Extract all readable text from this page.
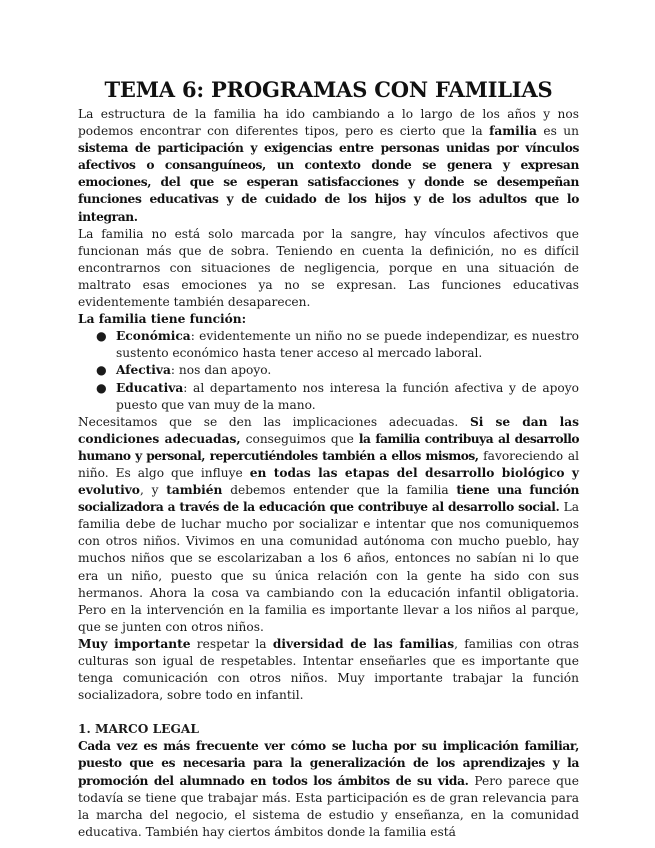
TEMA 6: PROGRAMAS CON FAMILIAS

La estructura de la familia ha ido cambiando a lo largo de los años y nos podemos encontrar con diferentes tipos, pero es cierto que la familia es un sistema de participación y exigencias entre personas unidas por vínculos afectivos o consanguíneos, un contexto donde se genera y expresan emociones, del que se esperan satisfacciones y donde se desempeñan funciones educativas y de cuidado de los hijos y de los adultos que lo integran.

La familia no está solo marcada por la sangre, hay vínculos afectivos que funcionan más que de sobra. Teniendo en cuenta la definición, no es difícil encontrarnos con situaciones de negligencia, porque en una situación de maltrato esas emociones ya no se expresan. Las funciones educativas evidentemente también desaparecen.

La familia tiene función:

● Económica: evidentemente un niño no se puede independizar, es nuestro sustento económico hasta tener acceso al mercado laboral.
● Afectiva: nos dan apoyo.
● Educativa: al departamento nos interesa la función afectiva y de apoyo puesto que van muy de la mano.

Necesitamos que se den las implicaciones adecuadas. Si se dan las condiciones adecuadas, conseguimos que la familia contribuya al desarrollo humano y personal, repercutiéndoles también a ellos mismos, favoreciendo al niño. Es algo que influye en todas las etapas del desarrollo biológico y evolutivo, y también debemos entender que la familia tiene una función socializadora a través de la educación que contribuye al desarrollo social. La familia debe de luchar mucho por socializar e intentar que nos comuniquemos con otros niños. Vivimos en una comunidad autónoma con mucho pueblo, hay muchos niños que se escolarizaban a los 6 años, entonces no sabían ni lo que era un niño, puesto que su única relación con la gente ha sido con sus hermanos. Ahora la cosa va cambiando con la educación infantil obligatoria. Pero en la intervención en la familia es importante llevar a los niños al parque, que se junten con otros niños.

Muy importante respetar la diversidad de las familias, familias con otras culturas son igual de respetables. Intentar enseñarles que es importante que tenga comunicación con otros niños. Muy importante trabajar la función socializadora, sobre todo en infantil.

1. MARCO LEGAL

Cada vez es más frecuente ver cómo se lucha por su implicación familiar, puesto que es necesaria para la generalización de los aprendizajes y la promoción del alumnado en todos los ámbitos de su vida. Pero parece que todavía se tiene que trabajar más. Esta participación es de gran relevancia para la marcha del negocio, el sistema de estudio y enseñanza, en la comunidad educativa. También hay ciertos ámbitos donde la familia está
